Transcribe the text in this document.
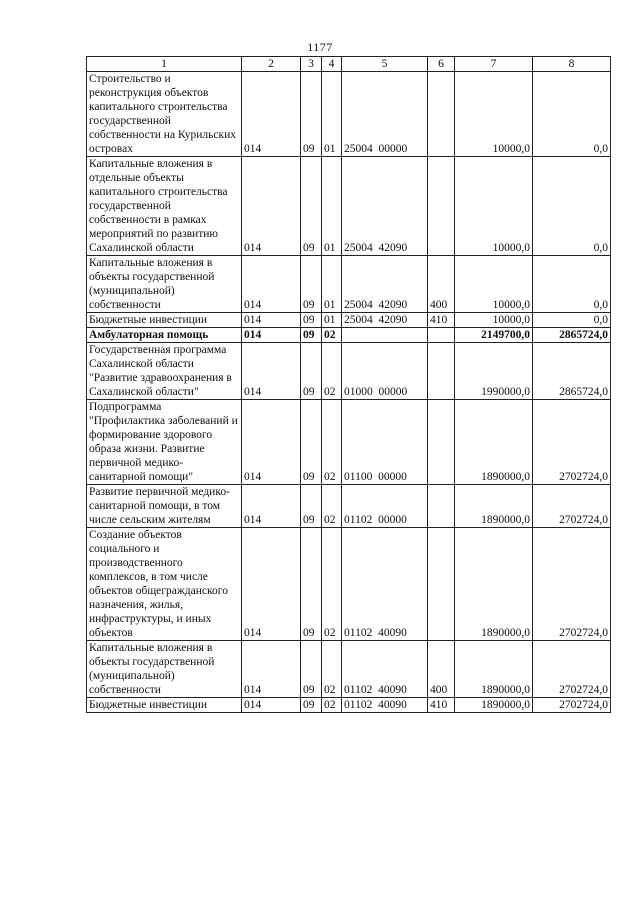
1177
1	2	3	4	5	6	7	8
Строительство и реконструкция объектов капитального строительства государственной собственности на Курильских островах	014	09	01	25004  00000		10000,0	0,0
Капитальные вложения в отдельные объекты капитального строительства государственной собственности в рамках мероприятий по развитию Сахалинской области	014	09	01	25004  42090		10000,0	0,0
Капитальные вложения в объекты государственной (муниципальной) собственности	014	09	01	25004  42090	400	10000,0	0,0
Бюджетные инвестиции	014	09	01	25004  42090	410	10000,0	0,0
Амбулаторная помощь	014	09	02			2149700,0	2865724,0
Государственная программа Сахалинской области "Развитие здравоохранения в Сахалинской области"	014	09	02	01000  00000		1990000,0	2865724,0
Подпрограмма "Профилактика заболеваний и формирование здорового образа жизни. Развитие первичной медико-санитарной помощи"	014	09	02	01100  00000		1890000,0	2702724,0
Развитие первичной медико-санитарной помощи, в том числе сельским жителям	014	09	02	01102  00000		1890000,0	2702724,0
Создание объектов социального и производственного комплексов, в том числе объектов общегражданского назначения, жилья, инфраструктуры, и иных объектов	014	09	02	01102  40090		1890000,0	2702724,0
Капитальные вложения в объекты государственной (муниципальной) собственности	014	09	02	01102  40090	400	1890000,0	2702724,0
Бюджетные инвестиции	014	09	02	01102  40090	410	1890000,0	2702724,0
